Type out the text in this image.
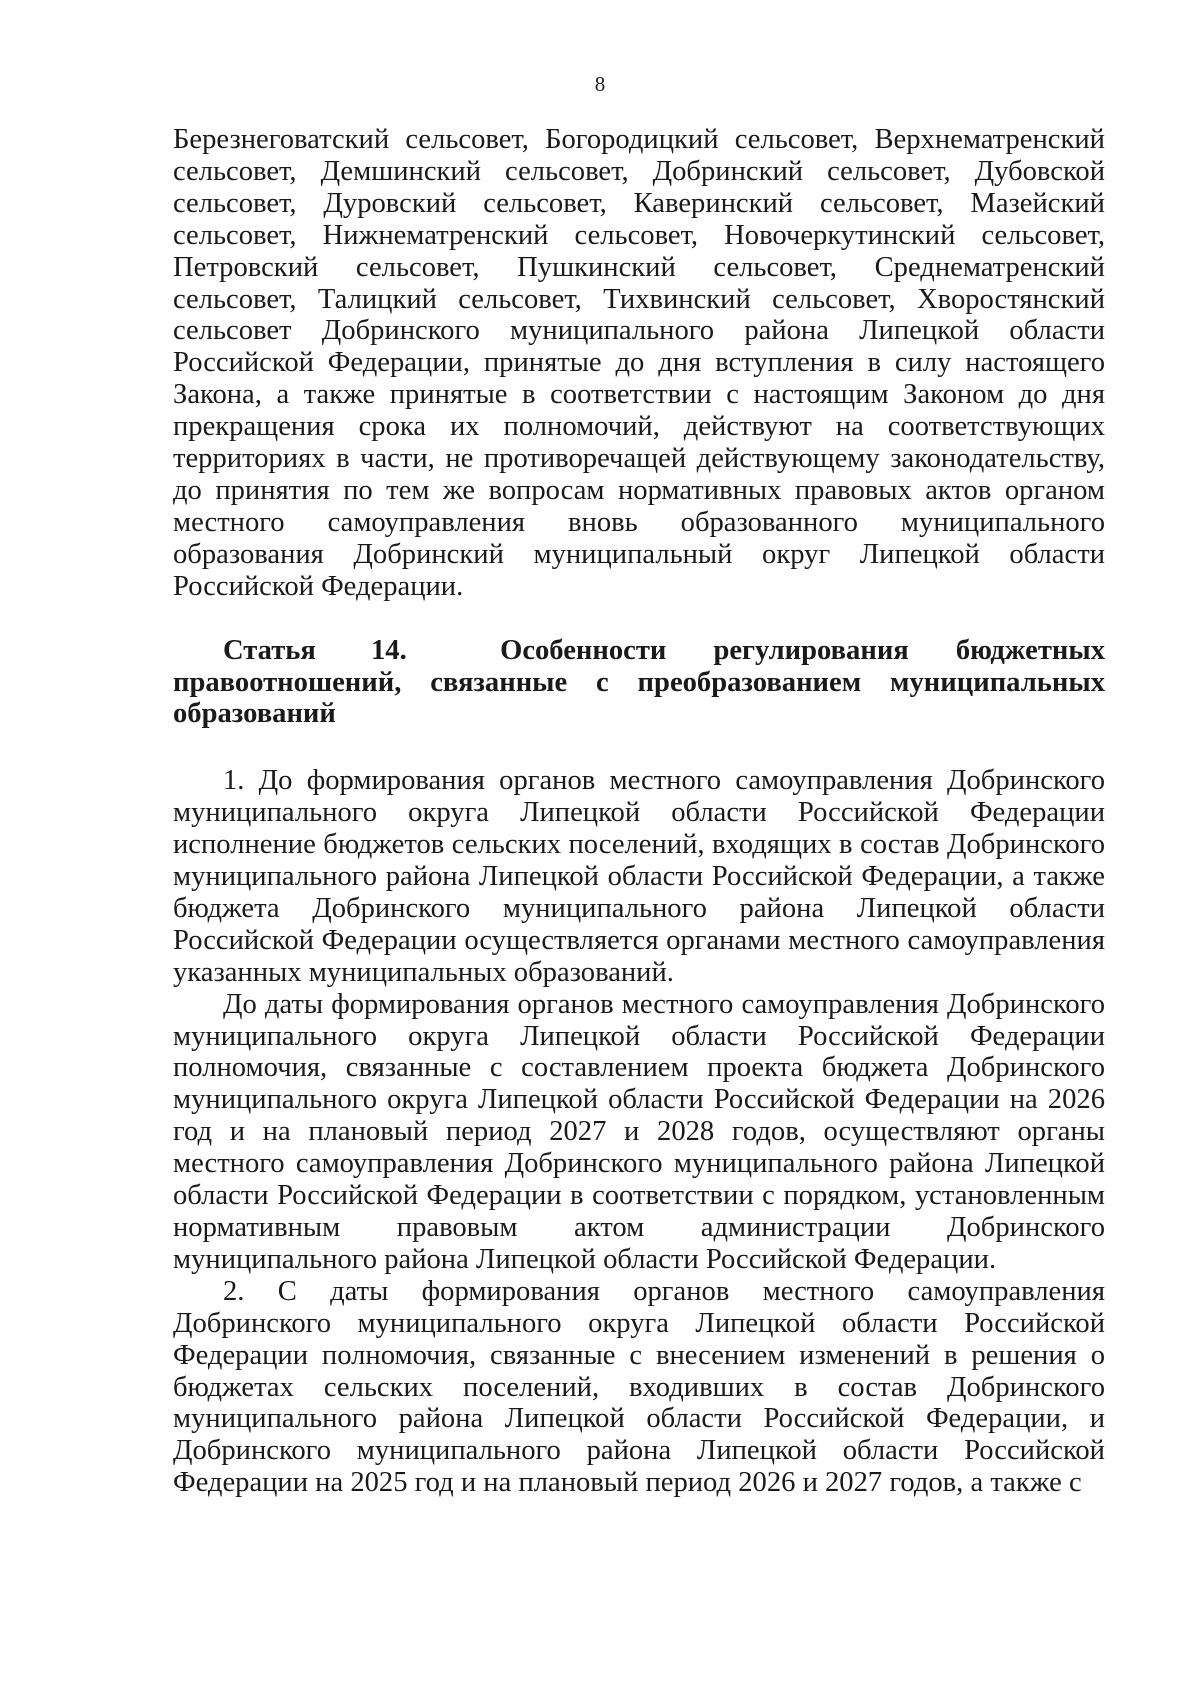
8

Березнеговатский сельсовет, Богородицкий сельсовет, Верхнематренский сельсовет, Демшинский сельсовет, Добринский сельсовет, Дубовской сельсовет, Дуровский сельсовет, Каверинский сельсовет, Мазейский сельсовет, Нижнематренский сельсовет, Новочеркутинский сельсовет, Петровский сельсовет, Пушкинский сельсовет, Среднематренский сельсовет, Талицкий сельсовет, Тихвинский сельсовет, Хворостянский сельсовет Добринского муниципального района Липецкой области Российской Федерации, принятые до дня вступления в силу настоящего Закона, а также принятые в соответствии с настоящим Законом до дня прекращения срока их полномочий, действуют на соответствующих территориях в части, не противоречащей действующему законодательству, до принятия по тем же вопросам нормативных правовых актов органом местного самоуправления вновь образованного муниципального образования Добринский муниципальный округ Липецкой области Российской Федерации.

Статья 14.	Особенности регулирования бюджетных правоотношений, связанные с преобразованием муниципальных образований

1. До формирования органов местного самоуправления Добринского муниципального округа Липецкой области Российской Федерации исполнение бюджетов сельских поселений, входящих в состав Добринского муниципального района Липецкой области Российской Федерации, а также бюджета Добринского муниципального района Липецкой области Российской Федерации осуществляется органами местного самоуправления указанных муниципальных образований.

До даты формирования органов местного самоуправления Добринского муниципального округа Липецкой области Российской Федерации полномочия, связанные с составлением проекта бюджета Добринского муниципального округа Липецкой области Российской Федерации на 2026 год и на плановый период 2027 и 2028 годов, осуществляют органы местного самоуправления Добринского муниципального района Липецкой области Российской Федерации в соответствии с порядком, установленным нормативным правовым актом администрации Добринского муниципального района Липецкой области Российской Федерации.

2. С даты формирования органов местного самоуправления Добринского муниципального округа Липецкой области Российской Федерации полномочия, связанные с внесением изменений в решения о бюджетах сельских поселений, входивших в состав Добринского муниципального района Липецкой области Российской Федерации, и Добринского муниципального района Липецкой области Российской Федерации на 2025 год и на плановый период 2026 и 2027 годов, а также с
